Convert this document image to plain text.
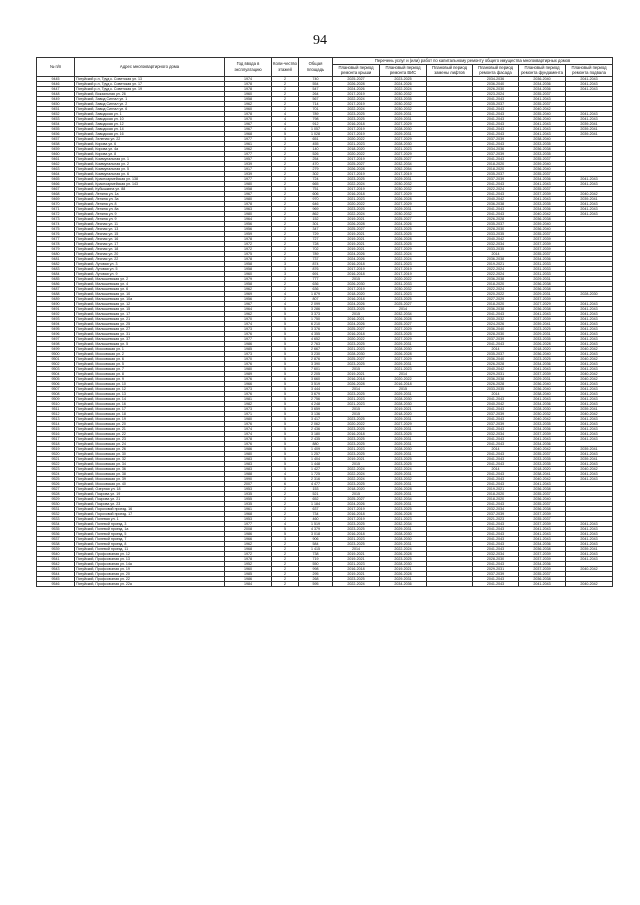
94
№ п/п	Адрес многоквартирного дома	Год ввода в эксплуатацию	Коли-чество этажей	Общая площадь	Перечень услуг и (или) работ по капитальному ремонту общего имущества многоквартирных домов					
					Плановый период ремонта крыши	Плановый период ремонта ВИС	Плановый период замены лифтов	Плановый период ремонта фасада	Плановый период ремонта фундамента	Плановый период ремонта подвала
9445	Пятуйский р-н, Труд к. Советская ул. 13	1974	2	740	2025-2027	2023-2025		2034-2036	2036-2040	2041-2043
9446	Пятуйский р-н, Труд к. Советская ул. 17	1978	2	554	2026-2028	2024-2026		2036-2040	2034-2036	2041-2043
9447	Пятуйский р-н, Труд к. Советская ул. 19	1978	2	547	2024-2026	2022-2024		2026-2030	2034-2036	2041-2043
9448	Пятуйский, Вокзальная ул. 26	1960	2	264	2017-2019	2030-2032		2023-2024	2035-2037	
9449	Пятуйский, Завод Сигнал ул. 1	1958	2	567	2022-2024	2033-2035		2041-2043	2041-2043	
9450	Пятуйский, Завод Сигнал ул. 2	1962	2	714	2017-2019	2030-2032		2035-2037	2035-2037	
9451	Пятуйский, Завод Сигнал ул. 6	1960	2	701	2022-2024	2030-2032		2041-2043	2040-2042	
9452	Пятуйский, Заводская ул. 1	1978	4	789	2023-2025	2029-2031		2041-2043	2035-2040	2041-2043
9453	Пятуйский, Заводская ул. 10	1970	4	798	2023-2025	2029-2031		2041-2043	2036-2040	2041-2043
9454	Пятуйский, Заводская ул. 12	1967	4	912	2016-2018	2027-2029		2041-2043	2041-2043	2039-2041
9455	Пятуйский, Заводская ул. 14	1967	4	1 057	2017-2019	2028-2030		2041-2043	2041-2043	2039-2041
9456	Пятуйский, Заводская ул. 16	1968	5	1 028	2017-2019	2029-2031		2041-2043	2041-2043	2039-2041
9457	Пятуйский, Зеленая ул. 22	1977	3	651	2020-2022	2027-2029		2037-2039	2038-2040	
9458	Пятуйский, Кирова ул. 6	1961	2	455	2021-2023	2028-2030		2041-2043	2033-2035	
9459	Пятуйский, Кирова ул. 4а	1962	2	140	2018-2020	2021-2023		2034-2036	2036-2038	
9460	Пятуйский, Кирова ул. 8	1977	2	526	2020-2022	2027-2029		2037-2039	2033-2035	
9461	Пятуйский, Коммунальная ул. 1	1957	2	254	2017-2019	2025-2027		2041-2043	2035-2037	
9462	Пятуйский, Коммунальная ул. 2	1939	2	470	2025-2027	2032-2034		2018-2020	2039-2040	
9463	Пятуйский, Коммунальная ул. 5	1917	2	279	2026-2028	2052-2054		2018-2020	2036-2040	
9464	Пятуйский, Коммунальная ул. 6	1939	2	302	2017-2019	2017-2019		2035-2037	2035-2037	
9465	Пятуйский, Красноармейская ул. 138	1977	2	724	2023-2025	2029-2031		2037-2039	2034-2036	2041-2043
9466	Пятуйский, Красноармейская ул. 143	1980	2	665	2022-2024	2030-2032		2041-2043	2041-2043	2041-2043
9467	Пятуйский, Кубышкина ул. 88	1958	3	751	2017-2019	2030-2032		2022-2024	2035-2037	
9468	Пятуйский, Ленина ул. 1а	1967	2	606	2016-2018	2027-2029		2041-2043	2037-2039	2040-2042
9469	Пятуйский, Ленина ул. 3а	1980	2	970	2021-2023	2026-2028		2040-2042	2041-2043	2039-2041
9470	Пятуйский, Ленина ул. 8	1978	2	646	2020-2022	2027-2029		2036-2038	2033-2035	2041-2043
9471	Пятуйский, Ленина ул. 8а	1963	2	969	2023-2025	2029-2031		2041-2043	2034-2036	2041-2043
9472	Пятуйский, Ленина ул. 9	1980	2	862	2022-2024	2030-2032		2041-2043	2040-2042	2041-2043
9473	Пятуйский, Ленина ул. 9	1964	2	152	2019-2021	2025-2027		2026-2028	2036-2038	
9474	Пятуйский, Лесная ул. 11	1956	2	301	2026-2028	2024-2026		2035-2037	2039-2040	
9475	Пятуйский, Лесная ул. 13	1956	2	347	2025-2027	2023-2025		2028-2030	2036-2040	
9476	Пятуйский, Лесная ул. 15	1959	2	729	2019-2021	2023-2025		2033-2035	2035-2037	
9477	Пятуйский, Лесная ул. 16	1978	2	727	2019-2021	2026-2028		2040-2042	2037-2039	
9478	Пятуйский, Лесная ул. 17	1972	2	728	2019-2021	2023-2025		2032-2034	2037-2039	
9479	Пятуйский, Лесная ул. 18	1972	2	702	2019-2021	2027-2029		2033-2035	2037-2039	
9480	Пятуйский, Лесная ул. 20	1975	2	789	2024-2026	2022-2024		2014	2035-2037	
9481	Пятуйский, Лесная ул. 22	1978	2	737	2024-2026	2022-2024		2036-2038	2034-2036	
9482	Пятуйский, Луговая ул. 3	1958	3	874	2016-2018	2021-2023		2019-2021	2031-2033	
9483	Пятуйский, Луговая ул. 5	1958	3	876	2017-2019	2017-2019		2022-2024	2031-2033	
9484	Пятуйский, Луговая ул. 9	1960	3	691	2016-2018	2017-2019		2022-2024	2031-2033	
9485	Пятуйский, Малышевская ул. 2	1979	2	777	2015	2020-2022		2036-2038	2029-2031	
9486	Пятуйский, Малышевская ул. 4	1958	2	636	2026-2030	2031-2033		2018-2020	2036-2038	
9487	Пятуйский, Малышевская ул. 6	1962	2	636	2017-2019	2030-2032		2022-2024	2036-2038	
9488	Пятуйский, Малышевская ул. 10	1969	4	1 879	2018-2020	2021-2023		2020-2022	2029-2031	2028-2030
9489	Пятуйский, Малышевская ул. 10а	1956	2	807	2016-2018	2023-2025		2027-2029	2037-2039	
9490	Пятуйский, Малышевская ул. 12	1967	4	2 099	2024-2026	2025-2027		2018-2020	2027-2029	2041-2043
9491	Пятуйский, Малышевская ул. 15	1964	5	3 286	2023-2025	2014		2036-2038	2036-2038	2041-2043
9492	Пятуйский, Малышевская ул. 17	1962	5	3 373	2015	2032-2034		2041-2043	2041-2043	2041-2043
9493	Пятуйский, Малышевская ул. 21	1970	5	1 750	2016-2021	2026-2028		2030-2032	2037-2039	2041-2043
9494	Пятуйский, Малышевская ул. 25	1974	5	6 210	2024-2026	2025-2027		2024-2026	2039-2041	2041-2043
9495	Пятуйский, Малышевская ул. 27	1973	5	3 376	2025-2027	2027-2029		2036-2040	2023-2025	2041-2043
9496	Пятуйский, Малышевская ул. 31	1976	5	4 355	2016-2018	2023-2025		2028-2030	2029-2031	2041-2043
9497	Пятуйский, Малышевская ул. 37	1977	5	4 652	2020-2022	2027-2029		2037-2039	2033-2035	2041-2043
9498	Пятуйский, Малышевская ул. 5	1986	5	2 763	2023-2025	2029-2031		2041-2043	2026-2028	2041-2043
9499	Пятуйский, Московская ул. 1	1985	5	2 667	2021-2023	2028-2030		2014	2018-2020	2040-2042
9500	Пятуйский, Московская ул. 2	1973	5	3 230	2028-2030	2026-2028		2035-2037	2036-2040	2041-2043
9501	Пятуйский, Московская ул. 6	1970	5	2 876	2025-2027	2027-2029		2036-2040	2023-2025	2040-2042
9502	Пятуйский, Московская ул. 5	1976	5	3 390	2023-2025	2029-2031		2026-2028	2034-2036	2041-2043
9503	Пятуйский, Московская ул. 7	1980	5	7 601	2015	2021-2023		2040-2042	2041-2043	2041-2043
9504	Пятуйский, Московская ул. 8	1989	5	2 205	2019-2021	2014		2029-2031	2037-2039	2040-2042
9505	Пятуйский, Московская ул. 9	1976	6	3 660	2016-2018	2020-2022		2036-2038	2029-2031	2040-2042
9506	Пятуйский, Московская ул. 10	1966	5	3 519	2026-2028	2016-2018		2026-2028	2036-2040	2041-2043
9507	Пятуйский, Московская ул. 12	1973	5	3 444	2014	2015		2033-2035	2036-2040	2041-2043
9508	Пятуйский, Московская ул. 13	1976	5	3 679	2023-2025	2029-2031		2014	2038-2040	2041-2043
9509	Пятуйский, Московская ул. 14	1981	5	2 756	2021-2023	2028-2030		2041-2043	2041-2043	2041-2043
9510	Пятуйский, Московская ул. 16	1982	5	4 248	2021-2023	2028-2030		2040-2042	2034-2036	2041-2043
9511	Пятуйский, Московская ул. 17	1973	5	3 659	2015	2019-2021		2041-2043	2028-2030	2039-2041
9512	Пятуйский, Московская ул. 18	1971	5	3 136	2015	2018-2020		2037-2039	2030-2032	2040-2042
9513	Пятуйский, Московская ул. 19	1980	5	3 417	2023-2025	2029-2031		2041-2043	2040-2042	2041-2043
9514	Пятуйский, Московская ул. 20	1976	5	2 062	2020-2022	2027-2029		2037-2039	2033-2035	2041-2043
9515	Пятуйский, Московская ул. 21	1974	5	2 436	2023-2025	2029-2031		2041-2043	2034-2036	2041-2043
9516	Пятуйский, Московская ул. 22	1974	5	3 180	2016-2018	2023-2025		2032-2034	2037-2039	2041-2043
9517	Пятуйский, Московская ул. 23	1978	5	2 435	2023-2025	2029-2031		2041-2043	2041-2043	2041-2043
9518	Пятуйский, Московская ул. 24	1976	5	880	2023-2025	2029-2031		2041-2043	2034-2036	
9519	Пятуйский, Московская ул. 26	1986	5	1 409	2021-2023	2028-2030		2014	2040-2042	2039-2041
9520	Пятуйский, Московская ул. 30	1980	5	1 257	2023-2025	2029-2031		2041-2043	2035-2037	2041-2043
9521	Пятуйский, Московская ул. 32	1983	5	1 404	2019-2021	2023-2025		2041-2043	2033-2035	2039-2041
9522	Пятуйский, Московская ул. 34	1983	5	1 448	2015	2023-2025		2041-2043	2033-2035	2041-2043
9523	Пятуйский, Московская ул. 36	1983	5	1 427	2022-2024	2022-2024		2014	2018-2020	2040-2042
9524	Пятуйский, Московская ул. 38	1988	4	1 725	2022-2024	2029-2031		2041-2043	2038-2041	2041-2043
9525	Пятуйский, Московская ул. 39	1990	5	2 316	2022-2024	2033-2032		2041-2043	2040-2042	2041-2043
9526	Пятуйский, Московская ул. 40	2007	6	4 477	2023-2025	2029-2031		2041-2043	2041-2043	
9527	Пятуйский, Озерная ул. 18	1953	2	153	2018-2020	2026-2028		2019-2021	2036-2038	
9528	Пятуйский, Покрова ул. 19	1935	2	521	2015	2029-2031		2018-2020	2035-2037	
9529	Пятуйский, Покрова ул. 21	1955	2	652	2025-2027	2032-2034		2018-2020	2036-2040	
9530	Пятуйский, Покрова ул. 23	1935	2	1 184	2024-2026	2029-2031		2041-2043	2035-2037	
9531	Пятуйский, Пороховой проезд. 16	1961	2	637	2017-2019	2023-2025		2032-2034	2036-2038	
9532	Пятуйский, Пороховой проезд. 17	1968	2	734	2016-2018	2026-2028		2037-2039	2037-2039	
9533	Пятуйский, Полевая ул. 1	1953	2	460	2017-2019	2021-2023		2021-2023	2035-2037	
9534	Пятуйский, Полевой проезд. 3	1977	4	1 519	2023-2025	2032-2034		2041-2043	2037-2039	2041-2043
9535	Пятуйский, Полевой проезд. 1а	2008	5	4 379	2023-2025	2029-2031		2041-2043	2041-2043	2041-2043
9536	Пятуйский, Полевой проезд. 5	1986	5	3 018	2016-2018	2028-2030		2041-2043	2041-2043	2041-2043
9537	Пятуйский, Полевой проезд. 7	1966	3	906	2021-2023	2028-2030		2041-2043	2041-2043	2041-2043
9538	Пятуйский, Полевой проезд. 8	1962	2	584	2023-2025	2029-2031		2041-2043	2034-2036	2041-2043
9539	Пятуйский, Полевой проезд. 11	1968	2	1 415	2014	2022-2024		2041-2043	2036-2038	2039-2041
9540	Пятуйский, Профсоюзная ул. 12	1972	2	738	2019-2021	2026-2028		2032-2034	2037-2039	2041-2043
9541	Пятуйский, Профсоюзная ул. 13	1978	2	719	2019-2021	2023-2025		2028-2030	2037-2039	2041-2043
9542	Пятуйский, Профсоюзная ул. 14а	1952	2	550	2021-2023	2028-2030		2041-2043	2034-2036	
9543	Пятуйский, Профсоюзная ул. 19	1960	2	998	2016-2018	2019-2021		2029-2031	2037-2039	2040-2042
9544	Пятуйский, Профсоюзная ул. 20	1985	2	295	2019-2021	2026-2028		2037-2039	2035-2037	
9545	Пятуйский, Профсоюзная ул. 22	1986	2	268	2023-2025	2029-2031		2041-2043	2036-2038	
9546	Пятуйский, Профсоюзная ул. 22а	1984	2	595	2022-2024	2034-2036		2041-2043	2041-2043	2040-2042
